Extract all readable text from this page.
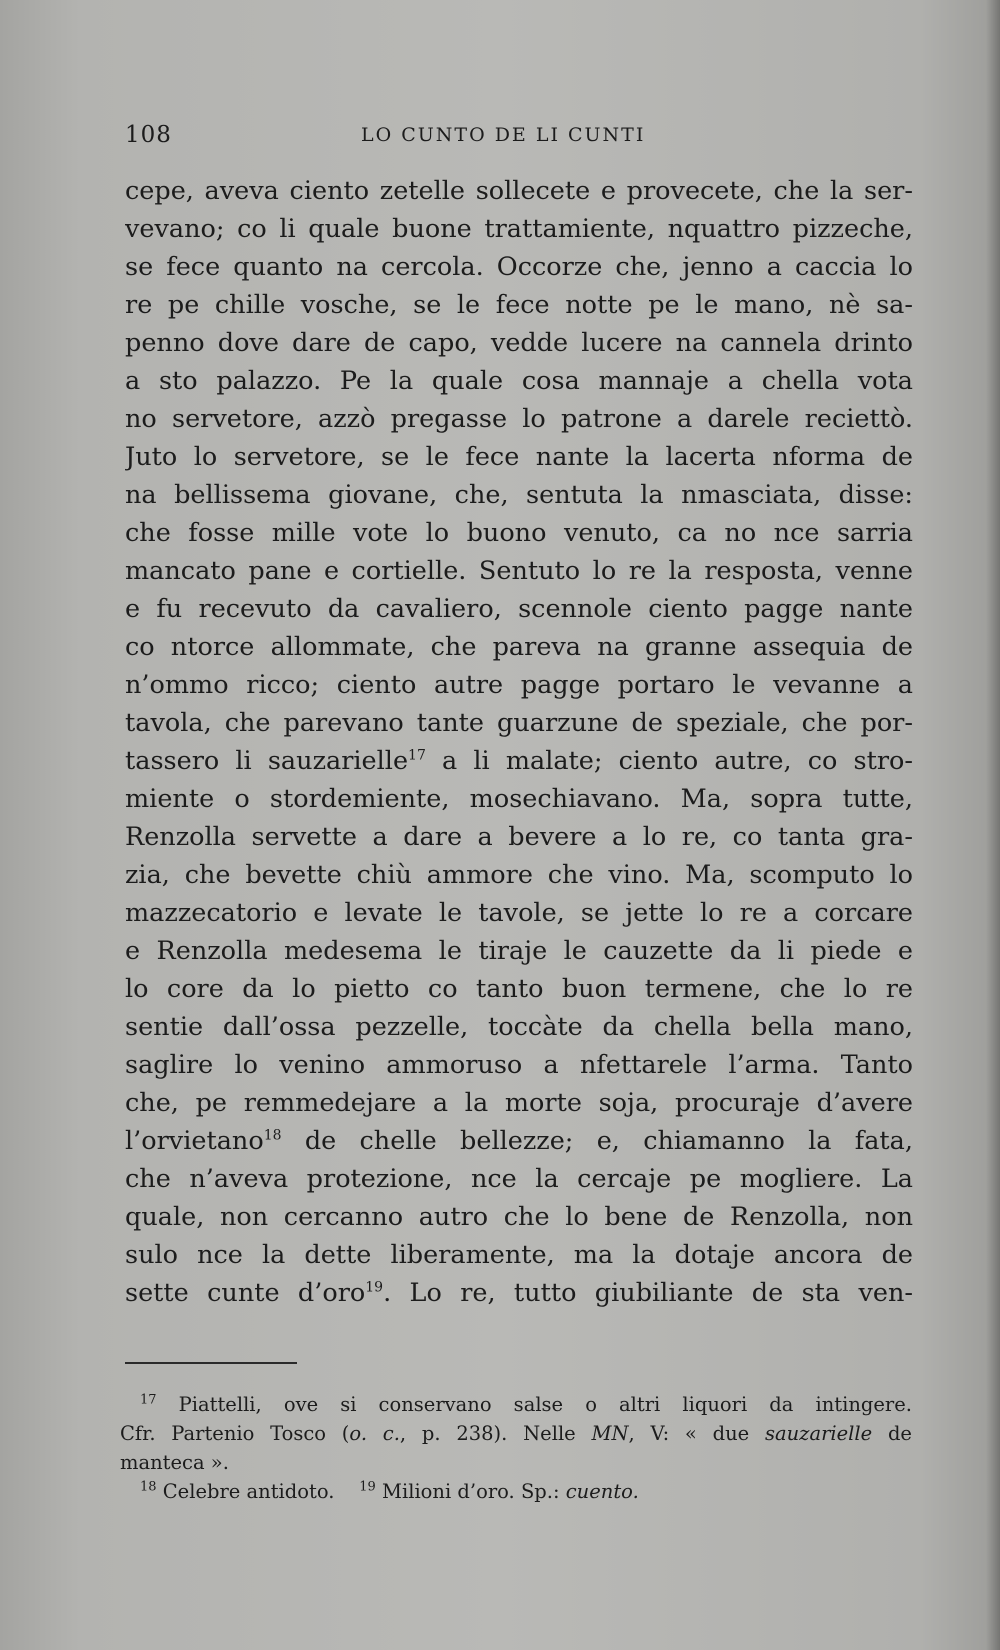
108	LO CUNTO DE LI CUNTI
cepe, aveva ciento zetelle sollecete e provecete, che la ser-
vevano; co li quale buone trattamiente, nquattro pizzeche,
se fece quanto na cercola. Occorze che, jenno a caccia lo
re pe chille vosche, se le fece notte pe le mano, nè sa-
penno dove dare de capo, vedde lucere na cannela drinto
a sto palazzo. Pe la quale cosa mannaje a chella vota
no servetore, azzò pregasse lo patrone a darele reciettò.
Juto lo servetore, se le fece nante la lacerta nforma de
na bellissema giovane, che, sentuta la nmasciata, disse:
che fosse mille vote lo buono venuto, ca no nce sarria
mancato pane e cortielle. Sentuto lo re la resposta, venne
e fu recevuto da cavaliero, scennole ciento pagge nante
co ntorce allommate, che pareva na granne assequia de
n’ommo ricco; ciento autre pagge portaro le vevanne a
tavola, che parevano tante guarzune de speziale, che por-
tassero li sauzarielle$^{17}$ a li malate; ciento autre, co stro-
miente o stordemiente, mosechiavano. Ma, sopra tutte,
Renzolla servette a dare a bevere a lo re, co tanta gra-
zia, che bevette chiù ammore che vino. Ma, scomputo lo
mazzecatorio e levate le tavole, se jette lo re a corcare
e Renzolla medesema le tiraje le cauzette da li piede e
lo core da lo pietto co tanto buon termene, che lo re
sentie dall’ossa pezzelle, toccàte da chella bella mano,
saglire lo venino ammoruso a nfettarele l’arma. Tanto
che, pe remmedejare a la morte soja, procuraje d’avere
l’orvietano$^{18}$ de chelle bellezze; e, chiamanno la fata,
che n’aveva protezione, nce la cercaje pe mogliere. La
quale, non cercanno autro che lo bene de Renzolla, non
sulo nce la dette liberamente, ma la dotaje ancora de
sette cunte d’oro$^{19}$. Lo re, tutto giubiliante de sta ven-
$^{17}$ Piattelli, ove si conservano salse o altri liquori da intingere.
Cfr. Partenio Tosco (o. c., p. 238). Nelle MN, V: « due sauzarielle de
manteca ».
$^{18}$ Celebre antidoto. $^{19}$ Milioni d’oro. Sp.: cuento.
